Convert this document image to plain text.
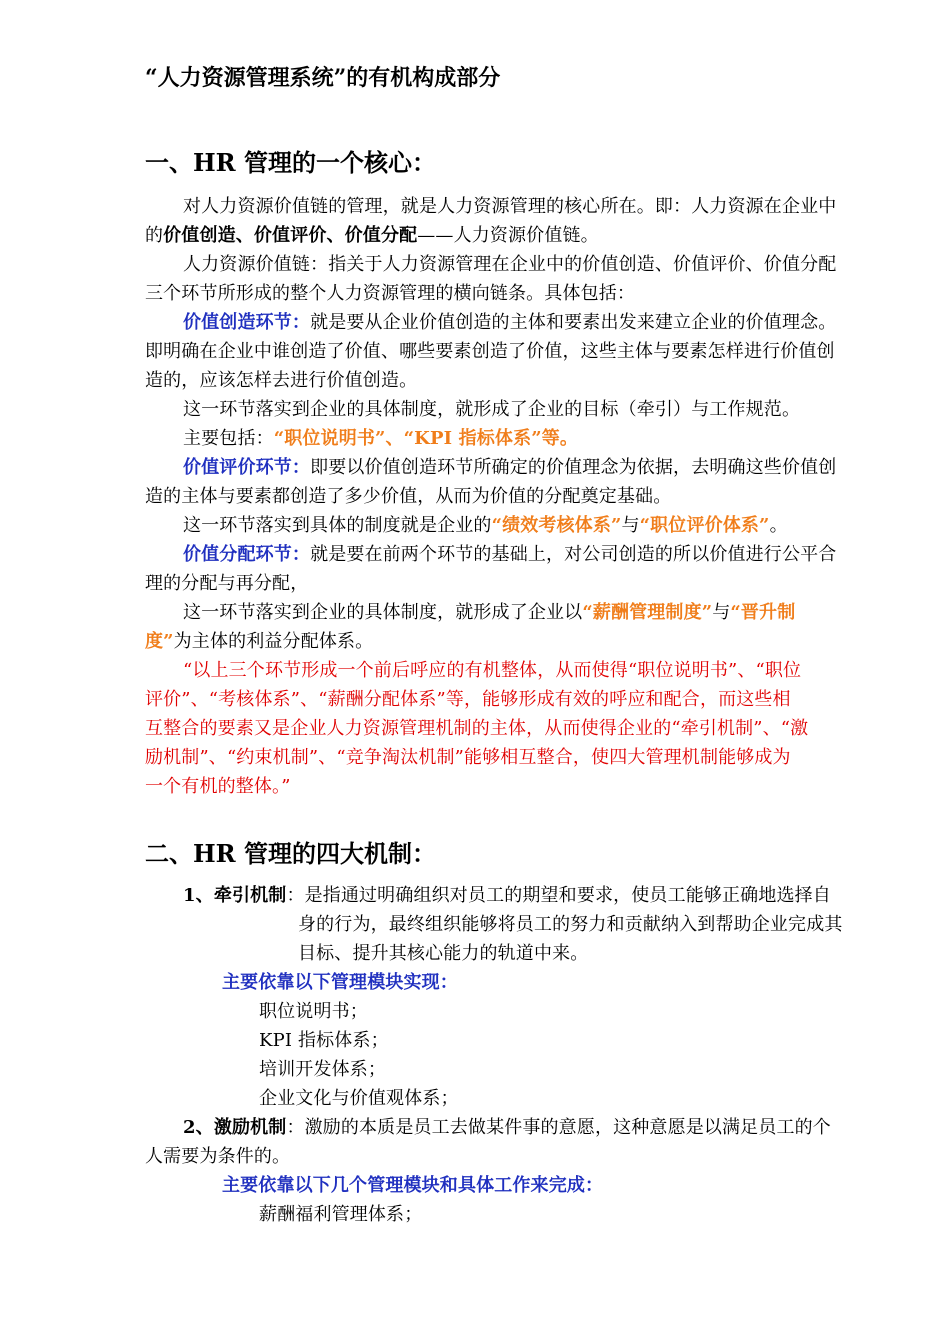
“人力资源管理系统”的有机构成部分
一、HR 管理的一个核心：
对人力资源价值链的管理，就是人力资源管理的核心所在。即：人力资源在企业中
的价值创造、价值评价、价值分配——人力资源价值链。
人力资源价值链：指关于人力资源管理在企业中的价值创造、价值评价、价值分配
三个环节所形成的整个人力资源管理的横向链条。具体包括：
价值创造环节：就是要从企业价值创造的主体和要素出发来建立企业的价值理念。
即明确在企业中谁创造了价值、哪些要素创造了价值，这些主体与要素怎样进行价值创
造的，应该怎样去进行价值创造。
这一环节落实到企业的具体制度，就形成了企业的目标（牵引）与工作规范。
主要包括：“职位说明书”、“KPI 指标体系”等。
价值评价环节：即要以价值创造环节所确定的价值理念为依据，去明确这些价值创
造的主体与要素都创造了多少价值，从而为价值的分配奠定基础。
这一环节落实到具体的制度就是企业的“绩效考核体系”与“职位评价体系”。
价值分配环节：就是要在前两个环节的基础上，对公司创造的所以价值进行公平合
理的分配与再分配，
这一环节落实到企业的具体制度，就形成了企业以“薪酬管理制度”与“晋升制
度”为主体的利益分配体系。
“以上三个环节形成一个前后呼应的有机整体，从而使得“职位说明书”、“职位
评价”、“考核体系”、“薪酬分配体系”等，能够形成有效的呼应和配合，而这些相
互整合的要素又是企业人力资源管理机制的主体，从而使得企业的“牵引机制”、“激
励机制”、“约束机制”、“竞争淘汰机制”能够相互整合，使四大管理机制能够成为
一个有机的整体。”
二、HR 管理的四大机制：
1、牵引机制：是指通过明确组织对员工的期望和要求，使员工能够正确地选择自
身的行为，最终组织能够将员工的努力和贡献纳入到帮助企业完成其
目标、提升其核心能力的轨道中来。
主要依靠以下管理模块实现：
职位说明书；
KPI 指标体系；
培训开发体系；
企业文化与价值观体系；
2、激励机制：激励的本质是员工去做某件事的意愿，这种意愿是以满足员工的个
人需要为条件的。
主要依靠以下几个管理模块和具体工作来完成：
薪酬福利管理体系；
